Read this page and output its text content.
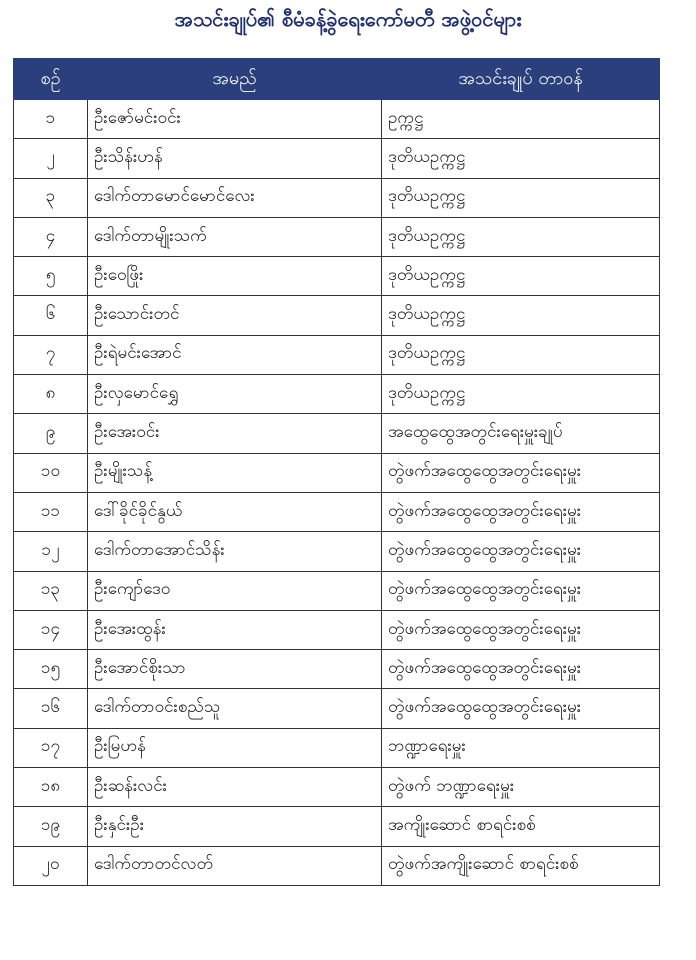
အသင်းချုပ်၏ စီမံခန့်ခွဲရေးကော်မတီ အဖွဲ့ဝင်များ
စဉ်	အမည်	အသင်းချုပ် တာဝန်
၁	ဦးဇော်မင်းဝင်း	ဥက္ကဋ္ဌ
၂	ဦးသိန်းဟန်	ဒုတိယဥက္ကဋ္ဌ
၃	ဒေါက်တာမောင်မောင်လေး	ဒုတိယဥက္ကဋ္ဌ
၄	ဒေါက်တာမျိုးသက်	ဒုတိယဥက္ကဋ္ဌ
၅	ဦးဝေဖြိုး	ဒုတိယဥက္ကဋ္ဌ
၆	ဦးသောင်းတင်	ဒုတိယဥက္ကဋ္ဌ
၇	ဦးရဲမင်းအောင်	ဒုတိယဥက္ကဋ္ဌ
၈	ဦးလှမောင်ရွှေ	ဒုတိယဥက္ကဋ္ဌ
၉	ဦးအေးဝင်း	အထွေထွေအတွင်းရေးမှူးချုပ်
၁၀	ဦးမျိုးသန့်	တွဲဖက်အထွေထွေအတွင်းရေးမှူး
၁၁	ဒေါ်ခိုင်ခိုင်နွယ်	တွဲဖက်အထွေထွေအတွင်းရေးမှူး
၁၂	ဒေါက်တာအောင်သိန်း	တွဲဖက်အထွေထွေအတွင်းရေးမှူး
၁၃	ဦးကျော်ဒေဝ	တွဲဖက်အထွေထွေအတွင်းရေးမှူး
၁၄	ဦးအေးထွန်း	တွဲဖက်အထွေထွေအတွင်းရေးမှူး
၁၅	ဦးအောင်စိုးသာ	တွဲဖက်အထွေထွေအတွင်းရေးမှူး
၁၆	ဒေါက်တာဝင်းစည်သူ	တွဲဖက်အထွေထွေအတွင်းရေးမှူး
၁၇	ဦးမြဟန်	ဘဏ္ဍာရေးမှူး
၁၈	ဦးဆန်းလင်း	တွဲဖက် ဘဏ္ဍာရေးမှူး
၁၉	ဦးနှင်းဦး	အကျိုးဆောင် စာရင်းစစ်
၂၀	ဒေါက်တာတင်လတ်	တွဲဖက်အကျိုးဆောင် စာရင်းစစ်
